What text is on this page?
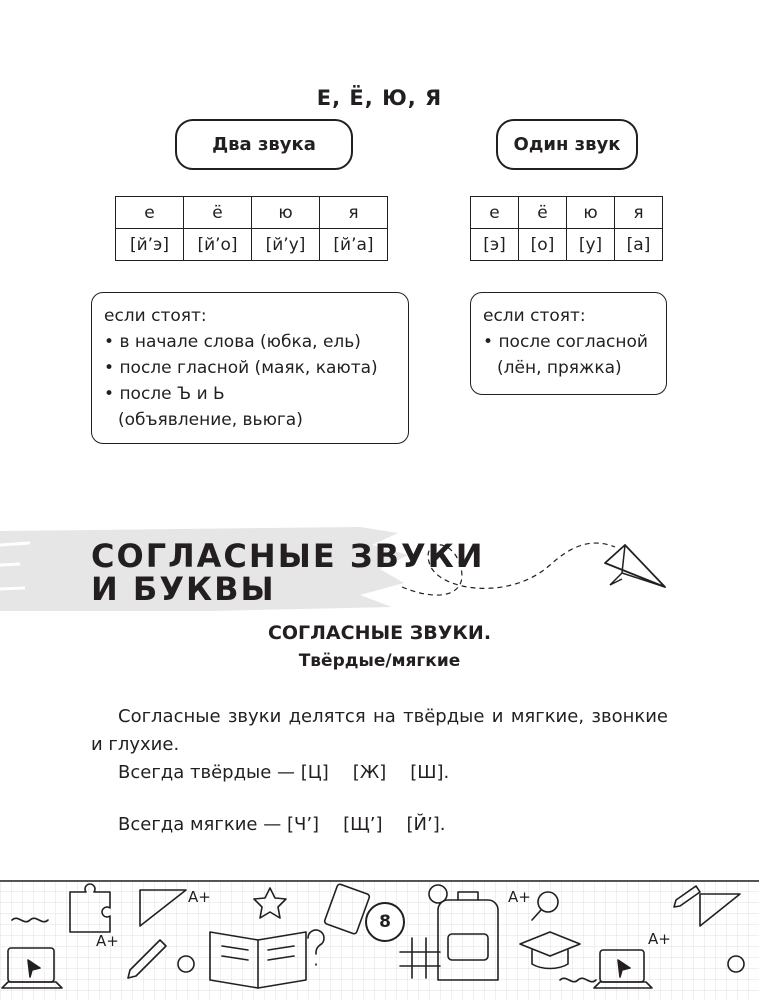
Е, Ё, Ю, Я
Два звука	Один звук
е	ё	ю	я
[й’э]	[й’о]	[й’у]	[й’а]
е	ё	ю	я
[э]	[о]	[у]	[а]
если стоят:
• в начале слова (юбка, ель)
• после гласной (маяк, каюта)
• после Ъ и Ь (объявление, вьюга)
если стоят:
• после согласной (лён, пряжка)
СОГЛАСНЫЕ ЗВУКИ
И БУКВЫ
СОГЛАСНЫЕ ЗВУКИ.
Твёрдые/мягкие
Согласные звуки делятся на твёрдые и мягкие, звонкие и глухие.
Всегда твёрдые — [Ц] [Ж] [Ш].
Всегда мягкие — [Ч’] [Щ’] [Й’].
A+
A+
A+
A+
8
